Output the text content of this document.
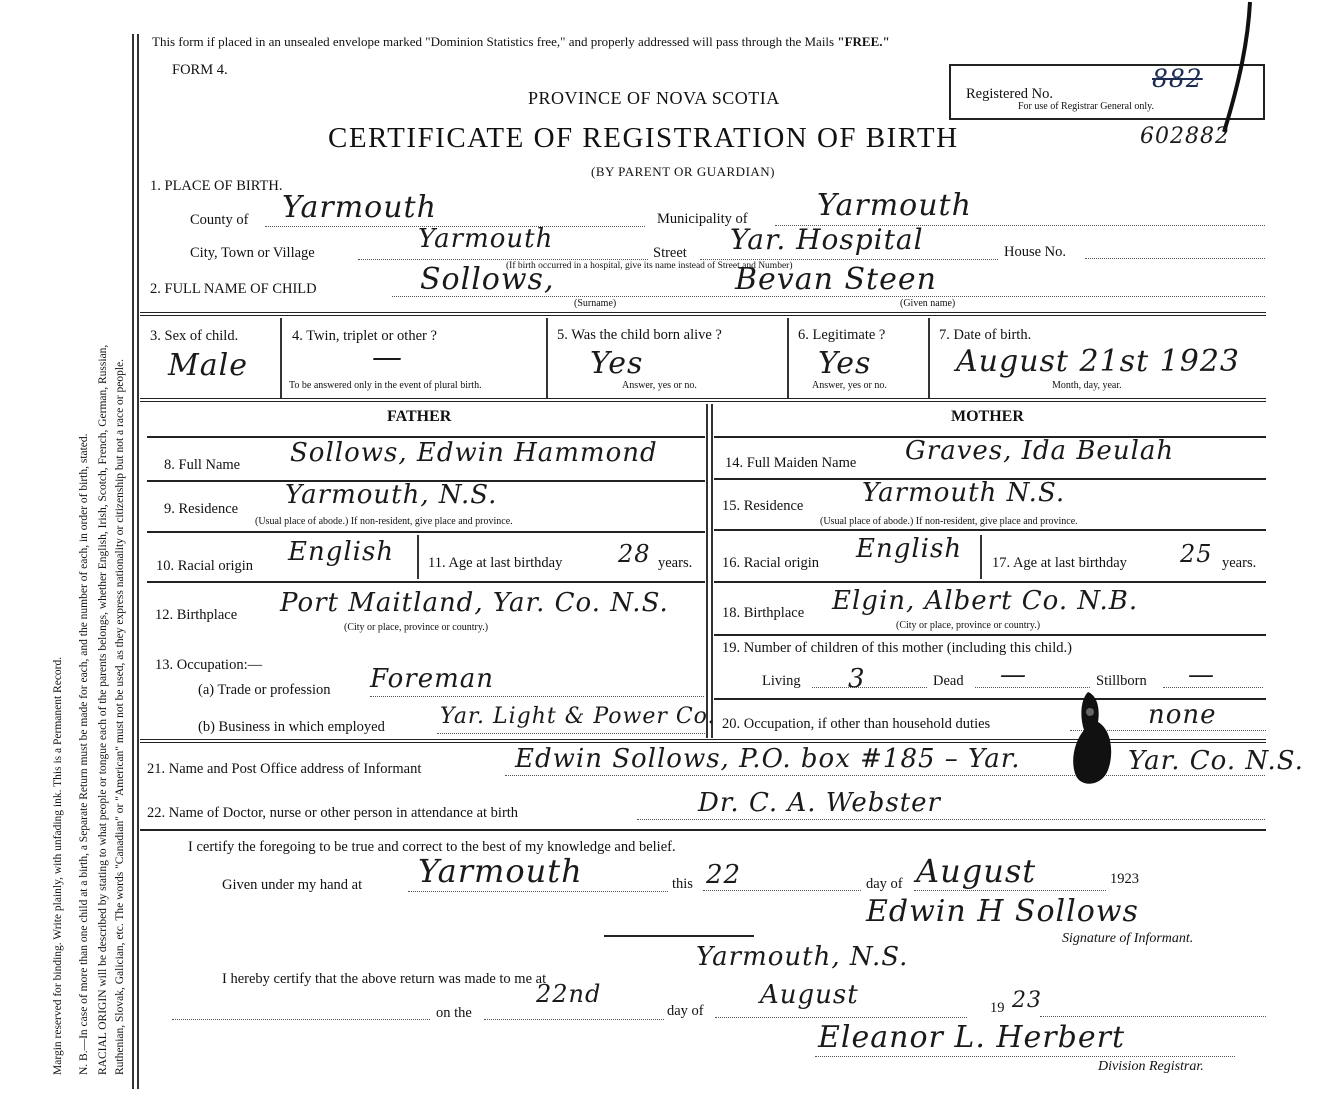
Margin reserved for binding. Write plainly, with unfading ink. This is a Permanent Record. N. B.—In case of more than one child at a birth, a Separate Return must be made for each, and the number of each, in order of birth, stated. RACIAL ORIGIN will be described by stating to what people or tongue each of the parents belongs, whether English, Irish, Scotch, French, German, Russian, Ruthenian, Slovak, Galician, etc. The words "Canadian" or "American" must not be used, as they express nationality or citizenship but not a race or people.
This form if placed in an unsealed envelope marked "Dominion Statistics free," and properly addressed will pass through the Mails "FREE."
FORM 4.
PROVINCE OF NOVA SCOTIA
CERTIFICATE OF REGISTRATION OF BIRTH
(BY PARENT OR GUARDIAN)
Registered No.
882
For use of Registrar General only.
602882
1. PLACE OF BIRTH.
County of Yarmouth	Municipality of Yarmouth
City, Town or Village	Yarmouth	Street Yar. Hospital
(If birth occurred in a hospital, give its name instead of Street and Number)
House No.
2. FULL NAME OF CHILD	Sollows,
(Surname)
Bevan Steen
(Given name)
3. Sex of child.
Male
4. Twin, triplet or other ?
—
To be answered only in the event of plural birth.
5. Was the child born alive ?
Yes
Answer, yes or no.
6. Legitimate ?
Yes
Answer, yes or no.
7. Date of birth.
August 21st 1923
Month, day, year.
FATHER	MOTHER
8. Full Name Sollows, Edwin Hammond	14. Full Maiden Name Graves, Ida Beulah
9. Residence Yarmouth, N.S.
(Usual place of abode.) If non-resident, give place and province.
15. Residence Yarmouth N.S.
(Usual place of abode.) If non-resident, give place and province.
10. Racial origin English 11. Age at last birthday 28 years. 16. Racial origin English 17. Age at last birthday 25 years.
12. Birthplace Port Maitland, Yar. Co. N.S.
(City or place, province or country.)
18. Birthplace Elgin, Albert Co. N.B.
(City or place, province or country.)
13. Occupation:—
(a) Trade or profession Foreman
(b) Business in which employed	Yar. Light & Power Co.
19. Number of children of this mother (including this child.)
Living 3	Dead —	Stillborn —
20. Occupation, if other than household duties	none
21. Name and Post Office address of Informant	Edwin Sollows, P.O. box #185 – Yar.	Yar. Co. N.S.
22. Name of Doctor, nurse or other person in attendance at birth	Dr. C. A. Webster
I certify the foregoing to be true and correct to the best of my knowledge and belief.
Given under my hand at Yarmouth	this 22	day of August	1923
Edwin H Sollows
Signature of Informant.
I hereby certify that the above return was made to me at
Yarmouth, N.S.
on the
22nd
day of
August	19 23
Eleanor L. Herbert
Division Registrar.
